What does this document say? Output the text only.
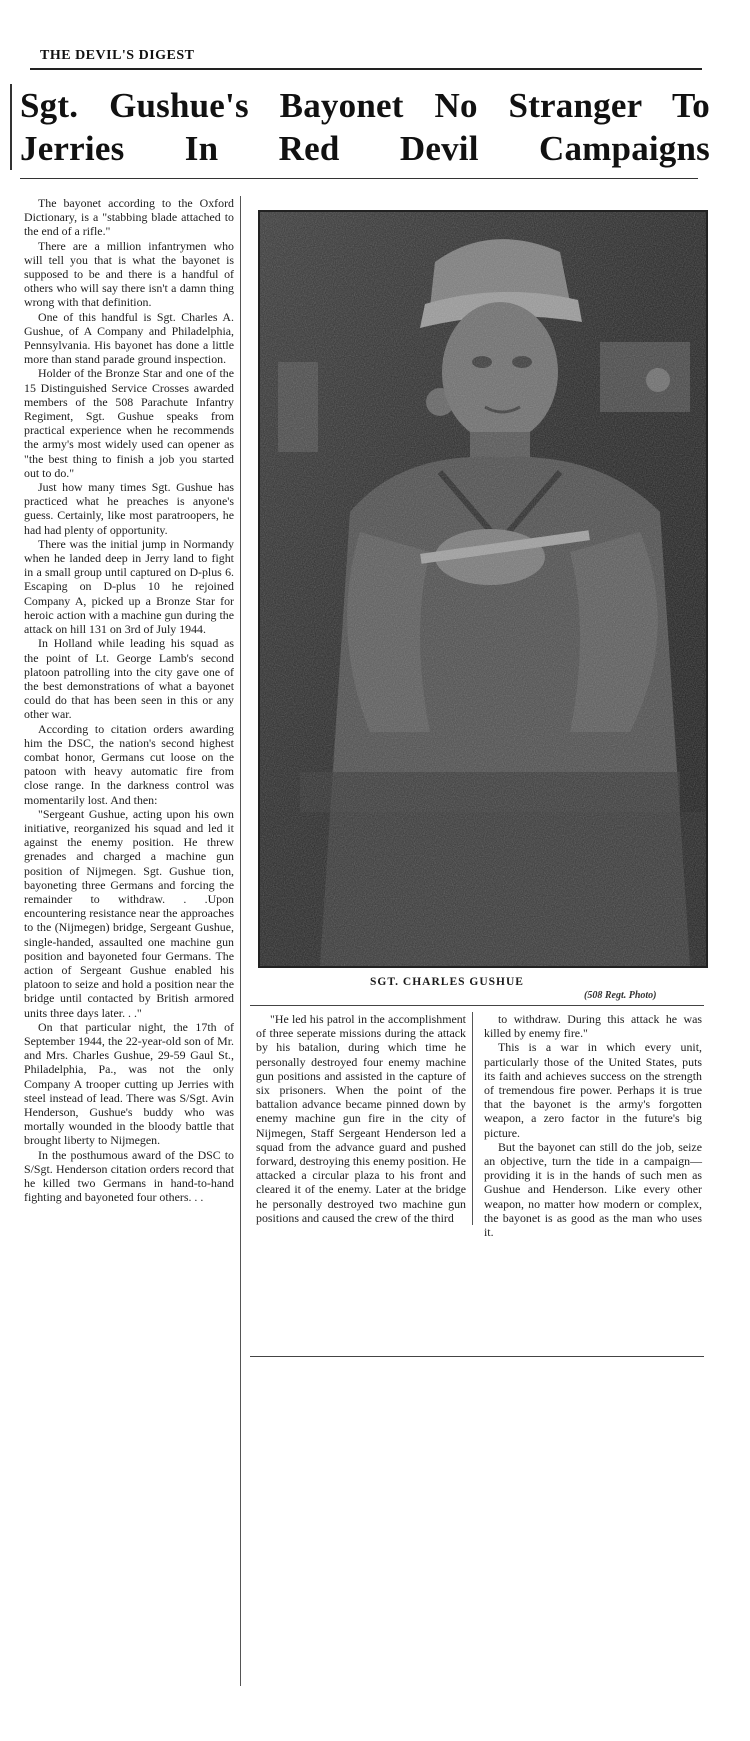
THE DEVIL'S DIGEST
Sgt. Gushue's Bayonet No Stranger To Jerries In Red Devil Campaigns

The bayonet according to the Oxford Dictionary, is a "stabbing blade attached to the end of a rifle."

There are a million infantrymen who will tell you that is what the bayonet is supposed to be and there is a handful of others who will say there isn't a damn thing wrong with that definition.

One of this handful is Sgt. Charles A. Gushue, of A Company and Philadelphia, Pennsylvania. His bayonet has done a little more than stand parade ground inspection.

Holder of the Bronze Star and one of the 15 Distinguished Service Crosses awarded members of the 508 Parachute Infantry Regiment, Sgt. Gushue speaks from practical experience when he recommends the army's most widely used can opener as "the best thing to finish a job you started out to do."

Just how many times Sgt. Gushue has practiced what he preaches is anyone's guess. Certainly, like most paratroopers, he had had plenty of opportunity.

There was the initial jump in Normandy when he landed deep in Jerry land to fight in a small group until captured on D-plus 6. Escaping on D-plus 10 he rejoined Company A, picked up a Bronze Star for heroic action with a machine gun during the attack on hill 131 on 3rd of July 1944.

In Holland while leading his squad as the point of Lt. George Lamb's second platoon patrolling into the city gave one of the best demonstrations of what a bayonet could do that has been seen in this or any other war.

According to citation orders awarding him the DSC, the nation's second highest combat honor, Germans cut loose on the patoon with heavy automatic fire from close range. In the darkness control was momentarily lost. And then:

"Sergeant Gushue, acting upon his own initiative, reorganized his squad and led it against the enemy position. He threw grenades and charged a machine gun position of Nijmegen. Sgt. Gushue tion, bayoneting three Germans and forcing the remainder to withdraw. . .Upon encountering resistance near the approaches to the (Nijmegen) bridge, Sergeant Gushue, single-handed, assaulted one machine gun position and bayoneted four Germans. The action of Sergeant Gushue enabled his platoon to seize and hold a position near the bridge until contacted by British armored units three days later. . ."

On that particular night, the 17th of September 1944, the 22-year-old son of Mr. and Mrs. Charles Gushue, 29-59 Gaul St., Philadelphia, Pa., was not the only Company A trooper cutting up Jerries with steel instead of lead. There was S/Sgt. Avin Henderson, Gushue's buddy who was mortally wounded in the bloody battle that brought liberty to Nijmegen.

In the posthumous award of the DSC to S/Sgt. Henderson citation orders record that he killed two Germans in hand-to-hand fighting and bayoneted four others. . .

SGT. CHARLES GUSHUE
(508 Regt. Photo)

"He led his patrol in the accomplishment of three seperate missions during the attack by his batalion, during which time he personally destroyed four enemy machine gun positions and assisted in the capture of six prisoners. When the point of the battalion advance became pinned down by enemy machine gun fire in the city of Nijmegen, Staff Sergeant Henderson led a squad from the advance guard and pushed forward, destroying this enemy position. He attacked a circular plaza to his front and cleared it of the enemy. Later at the bridge he personally destroyed two machine gun positions and caused the crew of the third

to withdraw. During this attack he was killed by enemy fire."

This is a war in which every unit, particularly those of the United States, puts its faith and achieves success on the strength of tremendous fire power. Perhaps it is true that the bayonet is the army's forgotten weapon, a zero factor in the future's big picture.

But the bayonet can still do the job, seize an objective, turn the tide in a campaign—providing it is in the hands of such men as Gushue and Henderson. Like every other weapon, no matter how modern or complex, the bayonet is as good as the man who uses it.
